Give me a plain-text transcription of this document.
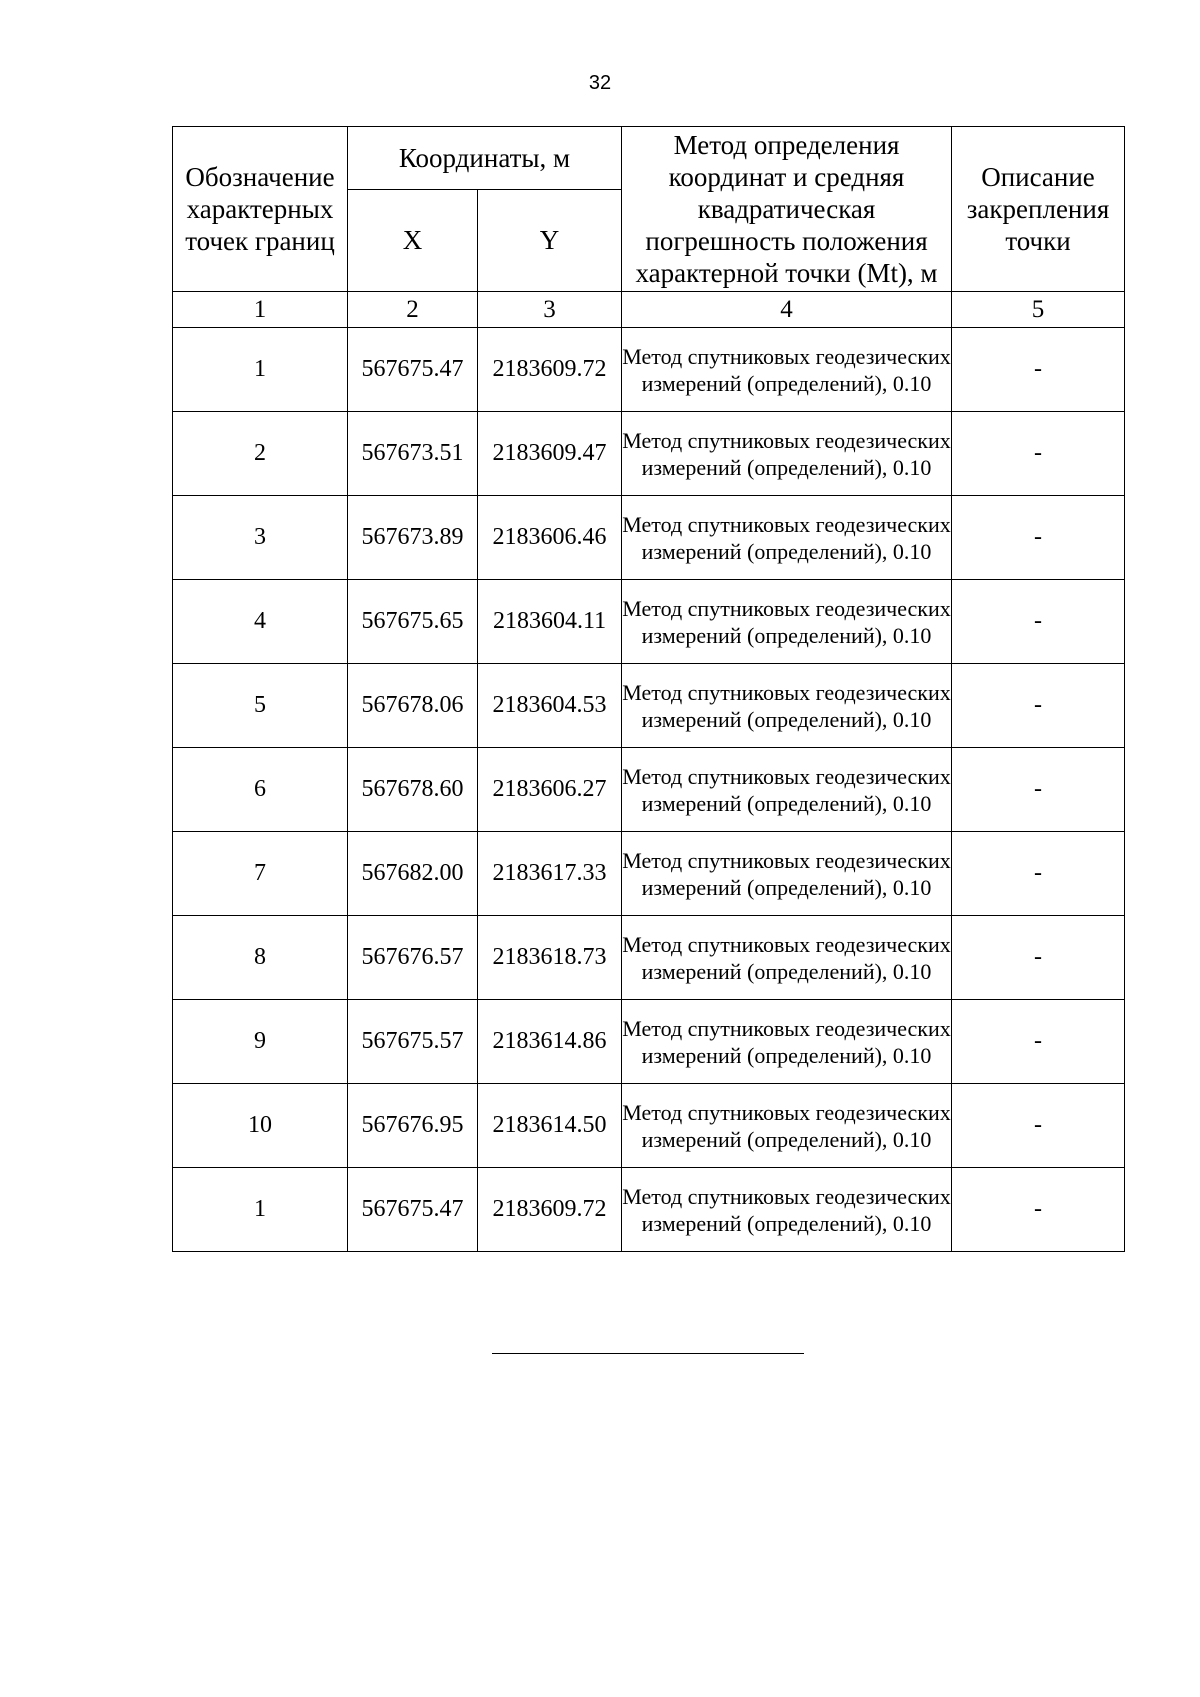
32
Обозначение характерных точек границ	Координаты, м		Метод определения координат и средняя квадратическая погрешность положения характерной точки (Mt), м	Описание закрепления точки
	X	Y		
1	2	3	4	5
1	567675.47	2183609.72	Метод спутниковых геодезических измерений (определений), 0.10	-
2	567673.51	2183609.47	Метод спутниковых геодезических измерений (определений), 0.10	-
3	567673.89	2183606.46	Метод спутниковых геодезических измерений (определений), 0.10	-
4	567675.65	2183604.11	Метод спутниковых геодезических измерений (определений), 0.10	-
5	567678.06	2183604.53	Метод спутниковых геодезических измерений (определений), 0.10	-
6	567678.60	2183606.27	Метод спутниковых геодезических измерений (определений), 0.10	-
7	567682.00	2183617.33	Метод спутниковых геодезических измерений (определений), 0.10	-
8	567676.57	2183618.73	Метод спутниковых геодезических измерений (определений), 0.10	-
9	567675.57	2183614.86	Метод спутниковых геодезических измерений (определений), 0.10	-
10	567676.95	2183614.50	Метод спутниковых геодезических измерений (определений), 0.10	-
1	567675.47	2183609.72	Метод спутниковых геодезических измерений (определений), 0.10	-
